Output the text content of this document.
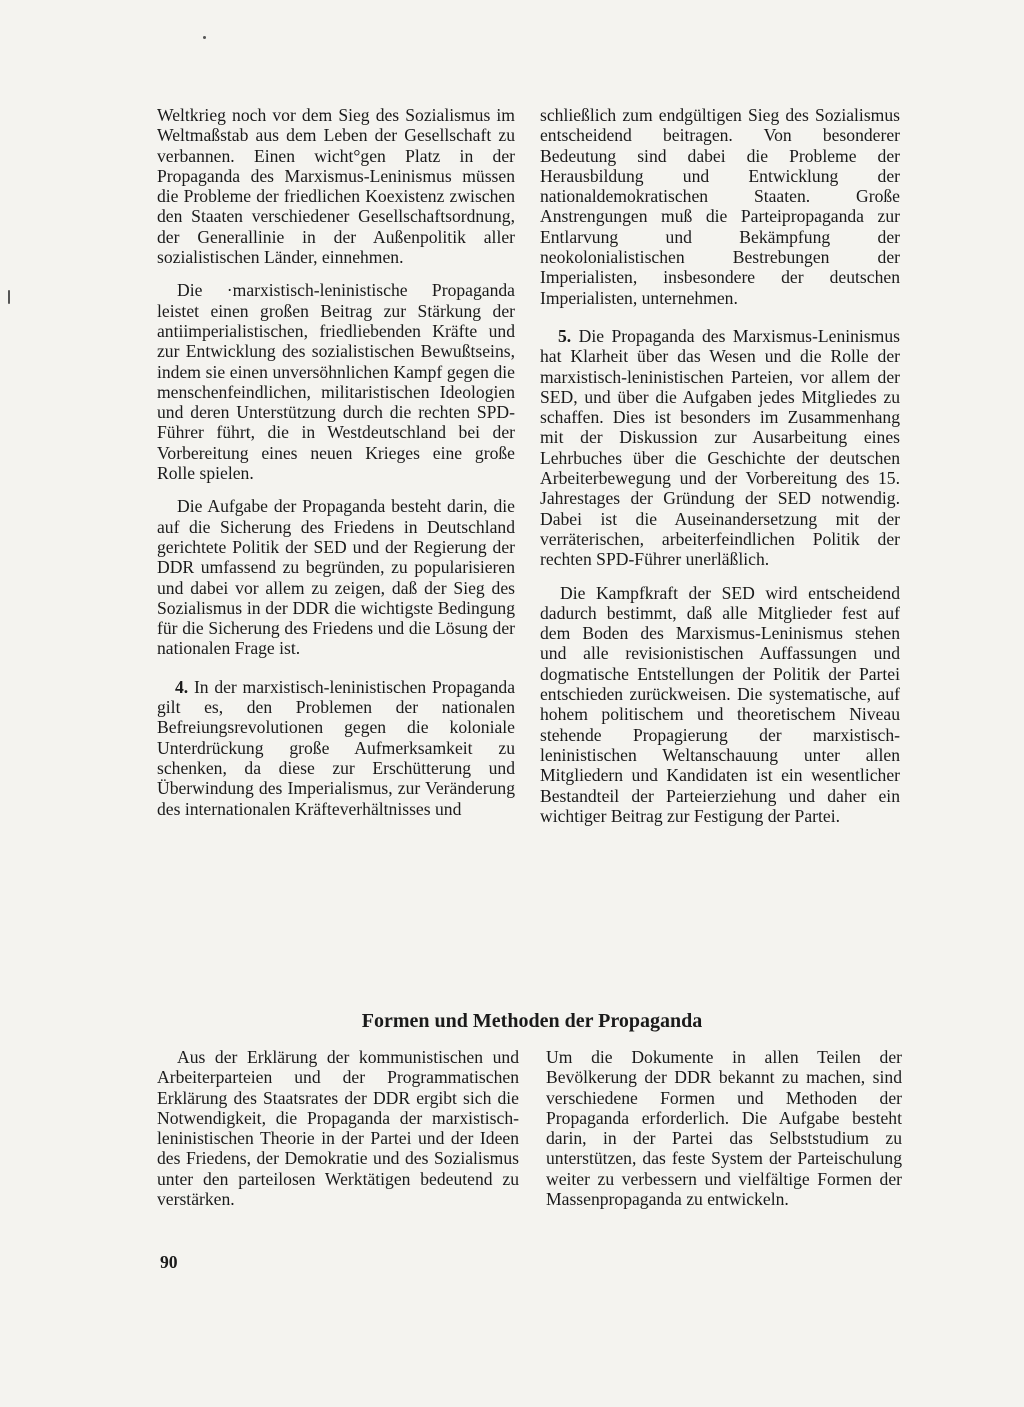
Weltkrieg noch vor dem Sieg des Sozialismus im Weltmaßstab aus dem Leben der Gesellschaft zu verbannen. Einen wicht°gen Platz in der Propaganda des Marxismus-Leninismus müssen die Probleme der friedlichen Koexistenz zwischen den Staaten verschiedener Gesellschaftsordnung, der Generallinie in der Außenpolitik aller sozialistischen Länder, einnehmen.

Die ·marxistisch-leninistische Propaganda leistet einen großen Beitrag zur Stärkung der antiimperialistischen, friedliebenden Kräfte und zur Entwicklung des sozialistischen Bewußtseins, indem sie einen unversöhnlichen Kampf gegen die menschenfeindlichen, militaristischen Ideologien und deren Unterstützung durch die rechten SPD-Führer führt, die in Westdeutschland bei der Vorbereitung eines neuen Krieges eine große Rolle spielen.

Die Aufgabe der Propaganda besteht darin, die auf die Sicherung des Friedens in Deutschland gerichtete Politik der SED und der Regierung der DDR umfassend zu begründen, zu popularisieren und dabei vor allem zu zeigen, daß der Sieg des Sozialismus in der DDR die wichtigste Bedingung für die Sicherung des Friedens und die Lösung der nationalen Frage ist.

4. In der marxistisch-leninistischen Propaganda gilt es, den Problemen der nationalen Befreiungsrevolutionen gegen die koloniale Unterdrückung große Aufmerksamkeit zu schenken, da diese zur Erschütterung und Überwindung des Imperialismus, zur Veränderung des internationalen Kräfteverhältnisses und

schließlich zum endgültigen Sieg des Sozialismus entscheidend beitragen. Von besonderer Bedeutung sind dabei die Probleme der Herausbildung und Entwicklung der nationaldemokratischen Staaten. Große Anstrengungen muß die Parteipropaganda zur Entlarvung und Bekämpfung der neokolonialistischen Bestrebungen der Imperialisten, insbesondere der deutschen Imperialisten, unternehmen.

5. Die Propaganda des Marxismus-Leninismus hat Klarheit über das Wesen und die Rolle der marxistisch-leninistischen Parteien, vor allem der SED, und über die Aufgaben jedes Mitgliedes zu schaffen. Dies ist besonders im Zusammenhang mit der Diskussion zur Ausarbeitung eines Lehrbuches über die Geschichte der deutschen Arbeiterbewegung und der Vorbereitung des 15. Jahrestages der Gründung der SED notwendig. Dabei ist die Auseinandersetzung mit der verräterischen, arbeiterfeindlichen Politik der rechten SPD-Führer unerläßlich.

Die Kampfkraft der SED wird entscheidend dadurch bestimmt, daß alle Mitglieder fest auf dem Boden des Marxismus-Leninismus stehen und alle revisionistischen Auffassungen und dogmatische Entstellungen der Politik der Partei entschieden zurückweisen. Die systematische, auf hohem politischem und theoretischem Niveau stehende Propagierung der marxistisch-leninistischen Weltanschauung unter allen Mitgliedern und Kandidaten ist ein wesentlicher Bestandteil der Parteierziehung und daher ein wichtiger Beitrag zur Festigung der Partei.

Formen und Methoden der Propaganda

Aus der Erklärung der kommunistischen und Arbeiterparteien und der Programmatischen Erklärung des Staatsrates der DDR ergibt sich die Notwendigkeit, die Propaganda der marxistisch-leninistischen Theorie in der Partei und der Ideen des Friedens, der Demokratie und des Sozialismus unter den parteilosen Werktätigen bedeutend zu verstärken.

Um die Dokumente in allen Teilen der Bevölkerung der DDR bekannt zu machen, sind verschiedene Formen und Methoden der Propaganda erforderlich. Die Aufgabe besteht darin, in der Partei das Selbststudium zu unterstützen, das feste System der Parteischulung weiter zu verbessern und vielfältige Formen der Massenpropaganda zu entwickeln.

90
